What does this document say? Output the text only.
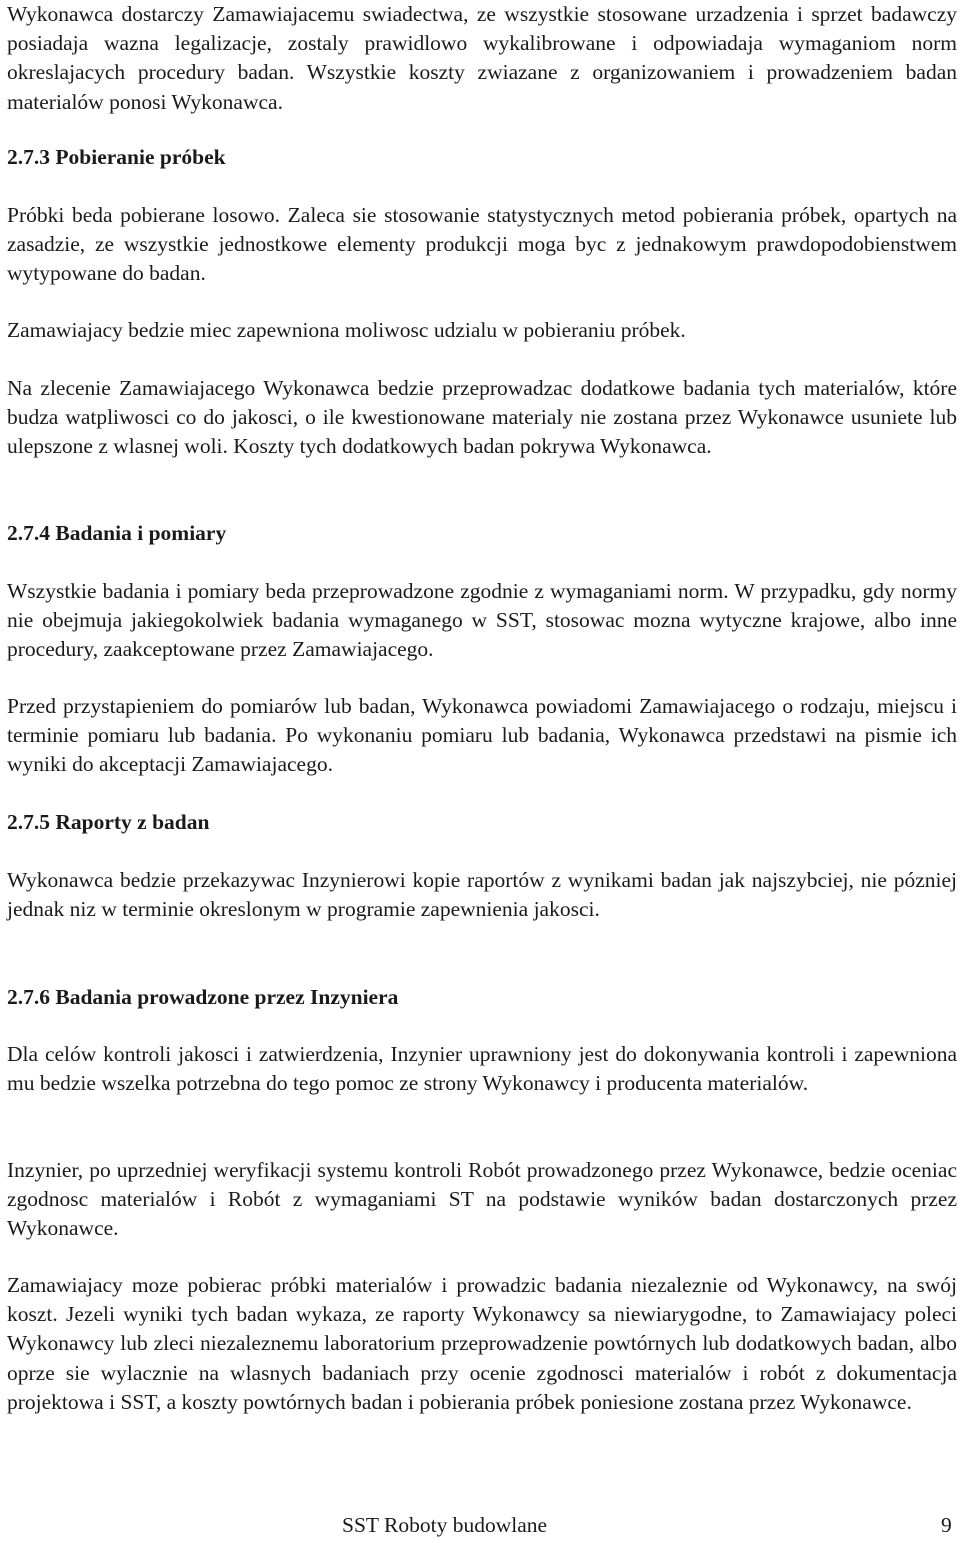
Wykonawca dostarczy Zamawiajacemu swiadectwa, ze wszystkie stosowane urzadzenia i sprzet badawczy posiadaja wazna legalizacje, zostaly prawidlowo wykalibrowane i odpowiadaja wymaganiom norm okreslajacych procedury badan. Wszystkie koszty zwiazane z organizowaniem i prowadzeniem badan materialów ponosi Wykonawca.

2.7.3 Pobieranie próbek

Próbki beda pobierane losowo. Zaleca sie stosowanie statystycznych metod pobierania próbek, opartych na zasadzie, ze wszystkie jednostkowe elementy produkcji moga byc z jednakowym prawdopodobienstwem wytypowane do badan.

Zamawiajacy bedzie miec zapewniona moliwosc udzialu w pobieraniu próbek.

Na zlecenie Zamawiajacego Wykonawca bedzie przeprowadzac dodatkowe badania tych materialów, które budza watpliwosci co do jakosci, o ile kwestionowane materialy nie zostana przez Wykonawce usuniete lub ulepszone z wlasnej woli. Koszty tych dodatkowych badan pokrywa Wykonawca.

2.7.4 Badania i pomiary

Wszystkie badania i pomiary beda przeprowadzone zgodnie z wymaganiami norm. W przypadku, gdy normy nie obejmuja jakiegokolwiek badania wymaganego w SST, stosowac mozna wytyczne krajowe, albo inne procedury, zaakceptowane przez Zamawiajacego.

Przed przystapieniem do pomiarów lub badan, Wykonawca powiadomi Zamawiajacego o rodzaju, miejscu i terminie pomiaru lub badania. Po wykonaniu pomiaru lub badania, Wykonawca przedstawi na pismie ich wyniki do akceptacji Zamawiajacego.

2.7.5 Raporty z badan

Wykonawca bedzie przekazywac Inzynierowi kopie raportów z wynikami badan jak najszybciej, nie pózniej jednak niz w terminie okreslonym w programie zapewnienia jakosci.

2.7.6 Badania prowadzone przez Inzyniera

Dla celów kontroli jakosci i zatwierdzenia, Inzynier uprawniony jest do dokonywania kontroli i zapewniona mu bedzie wszelka potrzebna do tego pomoc ze strony Wykonawcy i producenta materialów.

Inzynier, po uprzedniej weryfikacji systemu kontroli Robót prowadzonego przez Wykonawce, bedzie oceniac zgodnosc materialów i Robót z wymaganiami ST na podstawie wyników badan dostarczonych przez Wykonawce.

Zamawiajacy moze pobierac próbki materialów i prowadzic badania niezaleznie od Wykonawcy, na swój koszt. Jezeli wyniki tych badan wykaza, ze raporty Wykonawcy sa niewiarygodne, to Zamawiajacy poleci Wykonawcy lub zleci niezaleznemu laboratorium przeprowadzenie powtórnych lub dodatkowych badan, albo oprze sie wylacznie na wlasnych badaniach przy ocenie zgodnosci materialów i robót z dokumentacja projektowa i SST, a koszty powtórnych badan i pobierania próbek poniesione zostana przez Wykonawce.

SST Roboty budowlane	9
